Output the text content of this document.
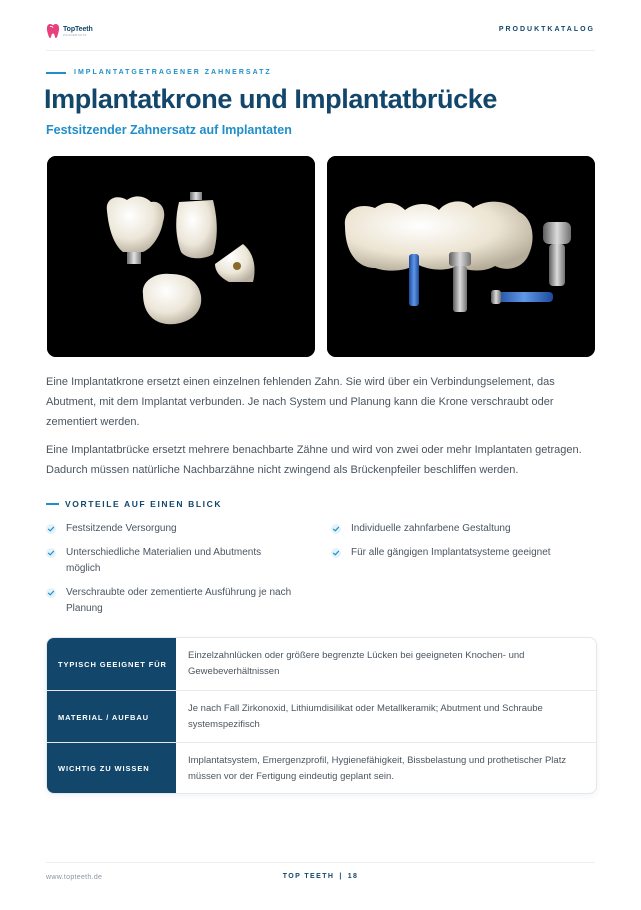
TopTeeth
ZAHNERSATZ
PRODUKTKATALOG
IMPLANTATGETRAGENER ZAHNERSATZ
Implantatkrone und Implantatbrücke
Festsitzender Zahnersatz auf Implantaten

Eine Implantatkrone ersetzt einen einzelnen fehlenden Zahn. Sie wird über ein Verbindungselement, das Abutment, mit dem Implantat verbunden. Je nach System und Planung kann die Krone verschraubt oder zementiert werden.

Eine Implantatbrücke ersetzt mehrere benachbarte Zähne und wird von zwei oder mehr Implantaten getragen. Dadurch müssen natürliche Nachbarzähne nicht zwingend als Brückenpfeiler beschliffen werden.

VORTEILE AUF EINEN BLICK
Festsitzende Versorgung
Unterschiedliche Materialien und Abutments möglich
Verschraubte oder zementierte Ausführung je nach Planung
Individuelle zahnfarbene Gestaltung
Für alle gängigen Implantatsysteme geeignet
TYPISCH GEEIGNET FÜR
Einzelzahnlücken oder größere begrenzte Lücken bei geeigneten Knochen- und Gewebeverhältnissen
MATERIAL / AUFBAU
Je nach Fall Zirkonoxid, Lithiumdisilikat oder Metallkeramik; Abutment und Schraube systemspezifisch
WICHTIG ZU WISSEN
Implantatsystem, Emergenzprofil, Hygienefähigkeit, Bissbelastung und prothetischer Platz müssen vor der Fertigung eindeutig geplant sein.
www.topteeth.de	TOP TEETH | 18
